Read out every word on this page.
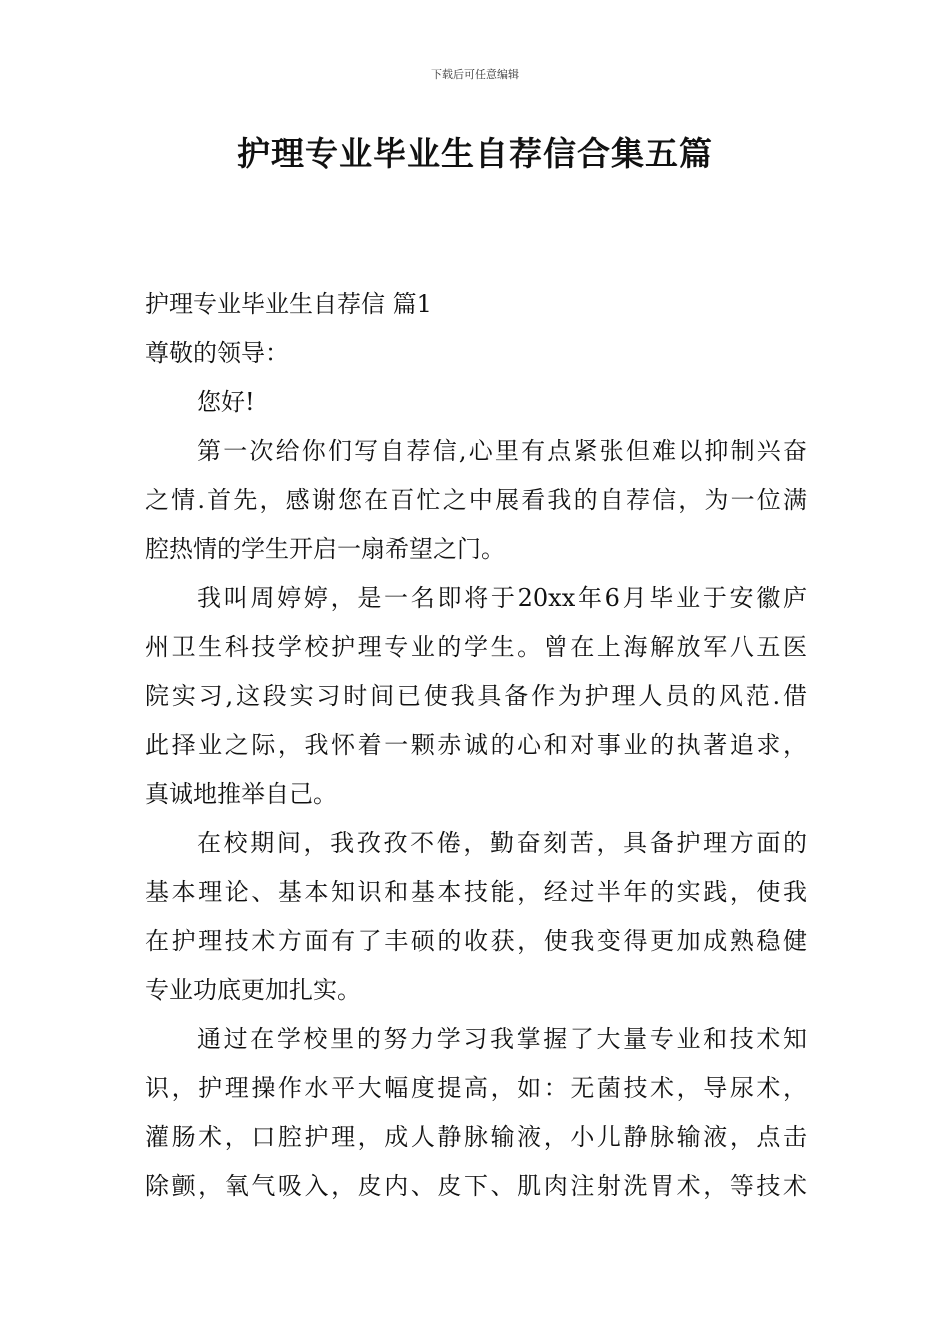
下载后可任意编辑
护理专业毕业生自荐信合集五篇
护理专业毕业生自荐信 篇1
尊敬的领导：
您好!
第一次给你们写自荐信,心里有点紧张但难以抑制兴奋
之情.首先，感谢您在百忙之中展看我的自荐信，为一位满
腔热情的学生开启一扇希望之门。
我叫周婷婷，是一名即将于20xx年6月毕业于安徽庐
州卫生科技学校护理专业的学生。曾在上海解放军八五医
院实习,这段实习时间已使我具备作为护理人员的风范.借
此择业之际，我怀着一颗赤诚的心和对事业的执著追求，
真诚地推举自己。
在校期间，我孜孜不倦，勤奋刻苦，具备护理方面的
基本理论、基本知识和基本技能，经过半年的实践，使我
在护理技术方面有了丰硕的收获，使我变得更加成熟稳健
专业功底更加扎实。
通过在学校里的努力学习我掌握了大量专业和技术知
识，护理操作水平大幅度提高，如：无菌技术，导尿术，
灌肠术，口腔护理，成人静脉输液，小儿静脉输液，点击
除颤，氧气吸入，皮内、皮下、肌肉注射洗胃术，等技术
